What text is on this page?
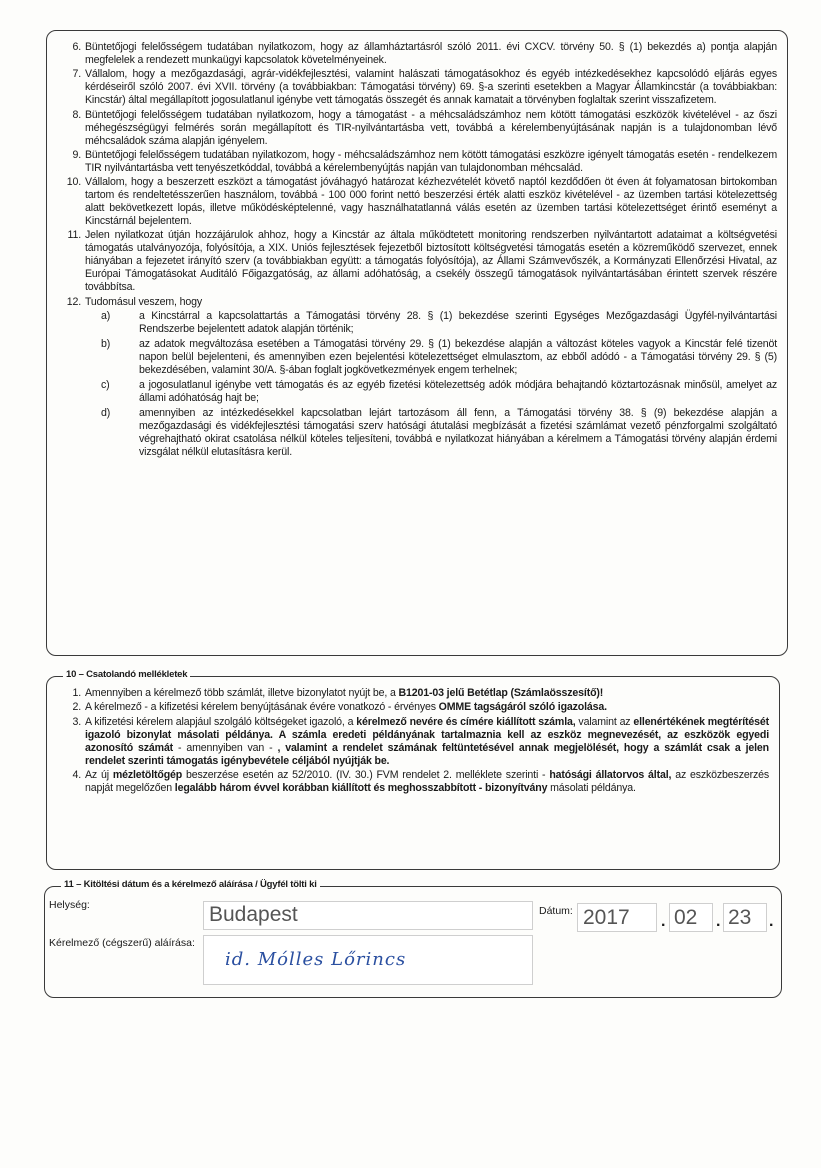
6. Büntetőjogi felelősségem tudatában nyilatkozom, hogy az államháztartásról szóló 2011. évi CXCV. törvény 50. § (1) bekezdés a) pontja alapján megfelelek a rendezett munkaügyi kapcsolatok követelményeinek.
7. Vállalom, hogy a mezőgazdasági, agrár-vidékfejlesztési, valamint halászati támogatásokhoz és egyéb intézkedésekhez kapcsolódó eljárás egyes kérdéseiről szóló 2007. évi XVII. törvény (a továbbiakban: Támogatási törvény) 69. §-a szerinti esetekben a Magyar Államkincstár (a továbbiakban: Kincstár) által megállapított jogosulatlanul igénybe vett támogatás összegét és annak kamatait a törvényben foglaltak szerint visszafizetem.
8. Büntetőjogi felelősségem tudatában nyilatkozom, hogy a támogatást - a méhcsaládszámhoz nem kötött támogatási eszközök kivételével - az őszi méhegészségügyi felmérés során megállapított és TIR-nyilvántartásba vett, továbbá a kérelembenyújtásának napján is a tulajdonomban lévő méhcsaládok száma alapján igényelem.
9. Büntetőjogi felelősségem tudatában nyilatkozom, hogy - méhcsaládszámhoz nem kötött támogatási eszközre igényelt támogatás esetén - rendelkezem TIR nyilvántartásba vett tenyészetkóddal, továbbá a kérelembenyújtás napján van tulajdonomban méhcsalád.
10. Vállalom, hogy a beszerzett eszközt a támogatást jóváhagyó határozat kézhezvételét követő naptól kezdődően öt éven át folyamatosan birtokomban tartom és rendeltetésszerűen használom, továbbá - 100 000 forint nettó beszerzési érték alatti eszköz kivételével - az üzemben tartási kötelezettség alatt bekövetkezett lopás, illetve működésképtelenné, vagy használhatatlanná válás esetén az üzemben tartási kötelezettséget érintő eseményt a Kincstárnál bejelentem.
11. Jelen nyilatkozat útján hozzájárulok ahhoz, hogy a Kincstár az általa működtetett monitoring rendszerben nyilvántartott adataimat a költségvetési támogatás utalványozója, folyósítója, a XIX. Uniós fejlesztések fejezetből biztosított költségvetési támogatás esetén a közreműködő szervezet, ennek hiányában a fejezetet irányító szerv (a továbbiakban együtt: a támogatás folyósítója), az Állami Számvevőszék, a Kormányzati Ellenőrzési Hivatal, az Európai Támogatásokat Auditáló Főigazgatóság, az állami adóhatóság, a csekély összegű támogatások nyilvántartásában érintett szervek részére továbbítsa.
12. Tudomásul veszem, hogy
a)	a Kincstárral a kapcsolattartás a Támogatási törvény 28. § (1) bekezdése szerinti Egységes Mezőgazdasági Ügyfél-nyilvántartási Rendszerbe bejelentett adatok alapján történik;
b)	az adatok megváltozása esetében a Támogatási törvény 29. § (1) bekezdése alapján a változást köteles vagyok a Kincstár felé tizenöt napon belül bejelenteni, és amennyiben ezen bejelentési kötelezettséget elmulasztom, az ebből adódó - a Támogatási törvény 29. § (5) bekezdésében, valamint 30/A. §-ában foglalt jogkövetkezmények engem terhelnek;
c)	a jogosulatlanul igénybe vett támogatás és az egyéb fizetési kötelezettség adók módjára behajtandó köztartozásnak minősül, amelyet az állami adóhatóság hajt be;
d)	amennyiben az intézkedésekkel kapcsolatban lejárt tartozásom áll fenn, a Támogatási törvény 38. § (9) bekezdése alapján a mezőgazdasági és vidékfejlesztési támogatási szerv hatósági átutalási megbízását a fizetési számlámat vezető pénzforgalmi szolgáltató végrehajtható okirat csatolása nélkül köteles teljesíteni, továbbá e nyilatkozat hiányában a kérelmem a Támogatási törvény alapján érdemi vizsgálat nélkül elutasításra kerül.
10 – Csatolandó mellékletek
1. Amennyiben a kérelmező több számlát, illetve bizonylatot nyújt be, a B1201-03 jelű Betétlap (Számlaösszesítő)!
2. A kérelmező - a kifizetési kérelem benyújtásának évére vonatkozó - érvényes OMME tagságáról szóló igazolása.
3. A kifizetési kérelem alapjául szolgáló költségeket igazoló, a kérelmező nevére és címére kiállított számla, valamint az ellenértékének megtérítését igazoló bizonylat másolati példánya. A számla eredeti példányának tartalmaznia kell az eszköz megnevezését, az eszközök egyedi azonosító számát - amennyiben van - , valamint a rendelet számának feltüntetésével annak megjelölését, hogy a számlát csak a jelen rendelet szerinti támogatás igénybevétele céljából nyújtják be.
4. Az új mézletöltőgép beszerzése esetén az 52/2010. (IV. 30.) FVM rendelet 2. melléklete szerinti - hatósági állatorvos által, az eszközbeszerzés napját megelőzően legalább három évvel korábban kiállított és meghosszabbított - bizonyítvány másolati példánya.
11 – Kitöltési dátum és a kérelmező aláírása / Ügyfél tölti ki
Helység:	Budapest	Dátum: 2017 . 02 . 23 .
Kérelmező (cégszerű) aláírása:
id. Mólles Lőrincs
